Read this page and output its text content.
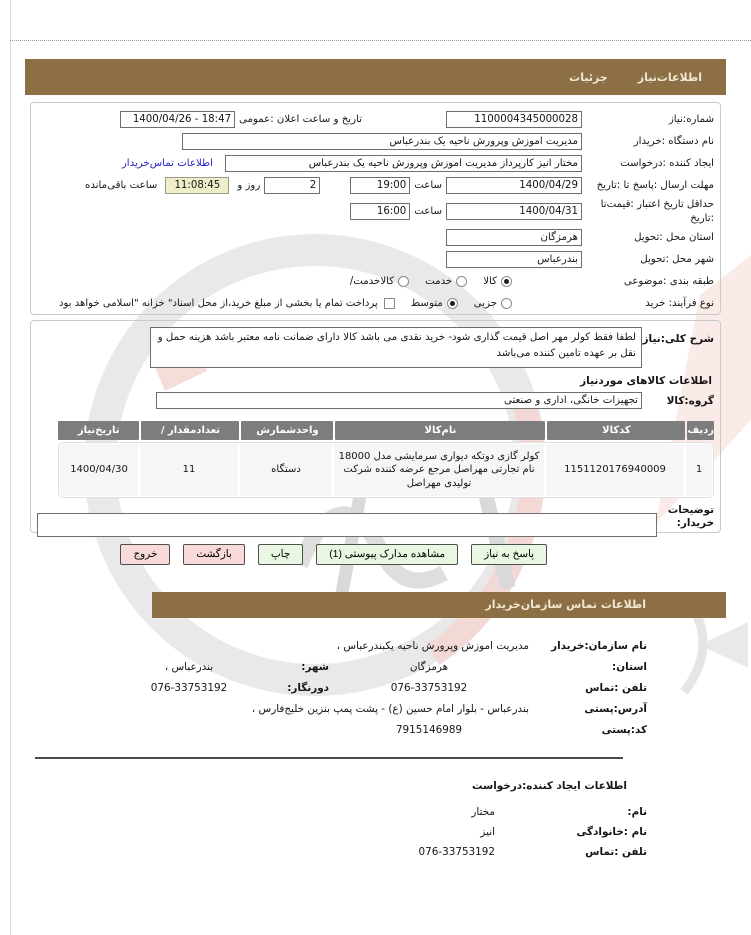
اطلاعات‌نیاز
جزئیات
شماره:نیاز
1100004345000028
تاریخ و ساعت اعلان :عمومی
18:47 - 1400/04/26
نام دستگاه :خریدار
مدیریت اموزش وپرورش ناحیه یک بندرعباس
ایجاد کننده :درخواست
مختار انیز کارپرداز مدیریت اموزش وپرورش ناحیه یک بندرعباس
اطلاعات تماس‌خریدار
مهلت ارسال :پاسخ تا :تاریخ
1400/04/29
ساعت
19:00
2
روز و
11:08:45
ساعت باقی‌مانده
حداقل تاریخ اعتبار :قیمت‌تا :تاریخ
1400/04/31
ساعت
16:00
استان محل :تحویل
هرمزگان
شهر محل :تحویل
بندرعباس
طبقه بندی :موضوعی
کالا
خدمت
کالاخدمت/
نوع فرآیند: خرید
جزیی
متوسط
پرداخت تمام یا بخشی از مبلغ خرید،از محل اسناد" خزانه "اسلامی خواهد بود
شرح کلی:نیاز
لطفا فقط کولر مهر اصل قیمت گذاری شود- خرید نقدی می باشد کالا دارای ضمانت نامه معتبر باشد هزینه حمل و نقل بر عهده تامین کننده می‌باشد
اطلاعات کالاهای موردنیاز
گروه:کالا
تجهیزات خانگی، اداری و صنعتی
ردیف
کدکالا
نام‌کالا
واحدشمارش
تعدادمقدار /
تاریخ‌نیاز
1
1151120176940009
کولر گازی دوتکه دیواری سرمایشی مدل 18000 نام تجارتی مهراصل مرجع عرضه کننده شرکت تولیدی مهراصل
دستگاه
11
1400/04/30
توضیحات
خریدار:
پاسخ به نیاز
مشاهده مدارک پیوستی (1)
چاپ
بازگشت
خروج
اطلاعات تماس سازمان‌خریدار
نام سازمان:خریدار
مدیریت اموزش وپرورش ناحیه یکبندرعباس ،
استان:
هرمزگان
شهر:
بندرعباس ،
تلفن :تماس
076-33753192
دورنگار:
076-33753192
آدرس:پستی
بندرعباس - بلوار امام حسین (ع) - پشت پمپ بنزین خلیج‌فارس ،
کد:پستی
7915146989
اطلاعات ایجاد کننده:درخواست
نام:
مختار
نام :خانوادگی
انیز
تلفن :تماس
076-33753192
